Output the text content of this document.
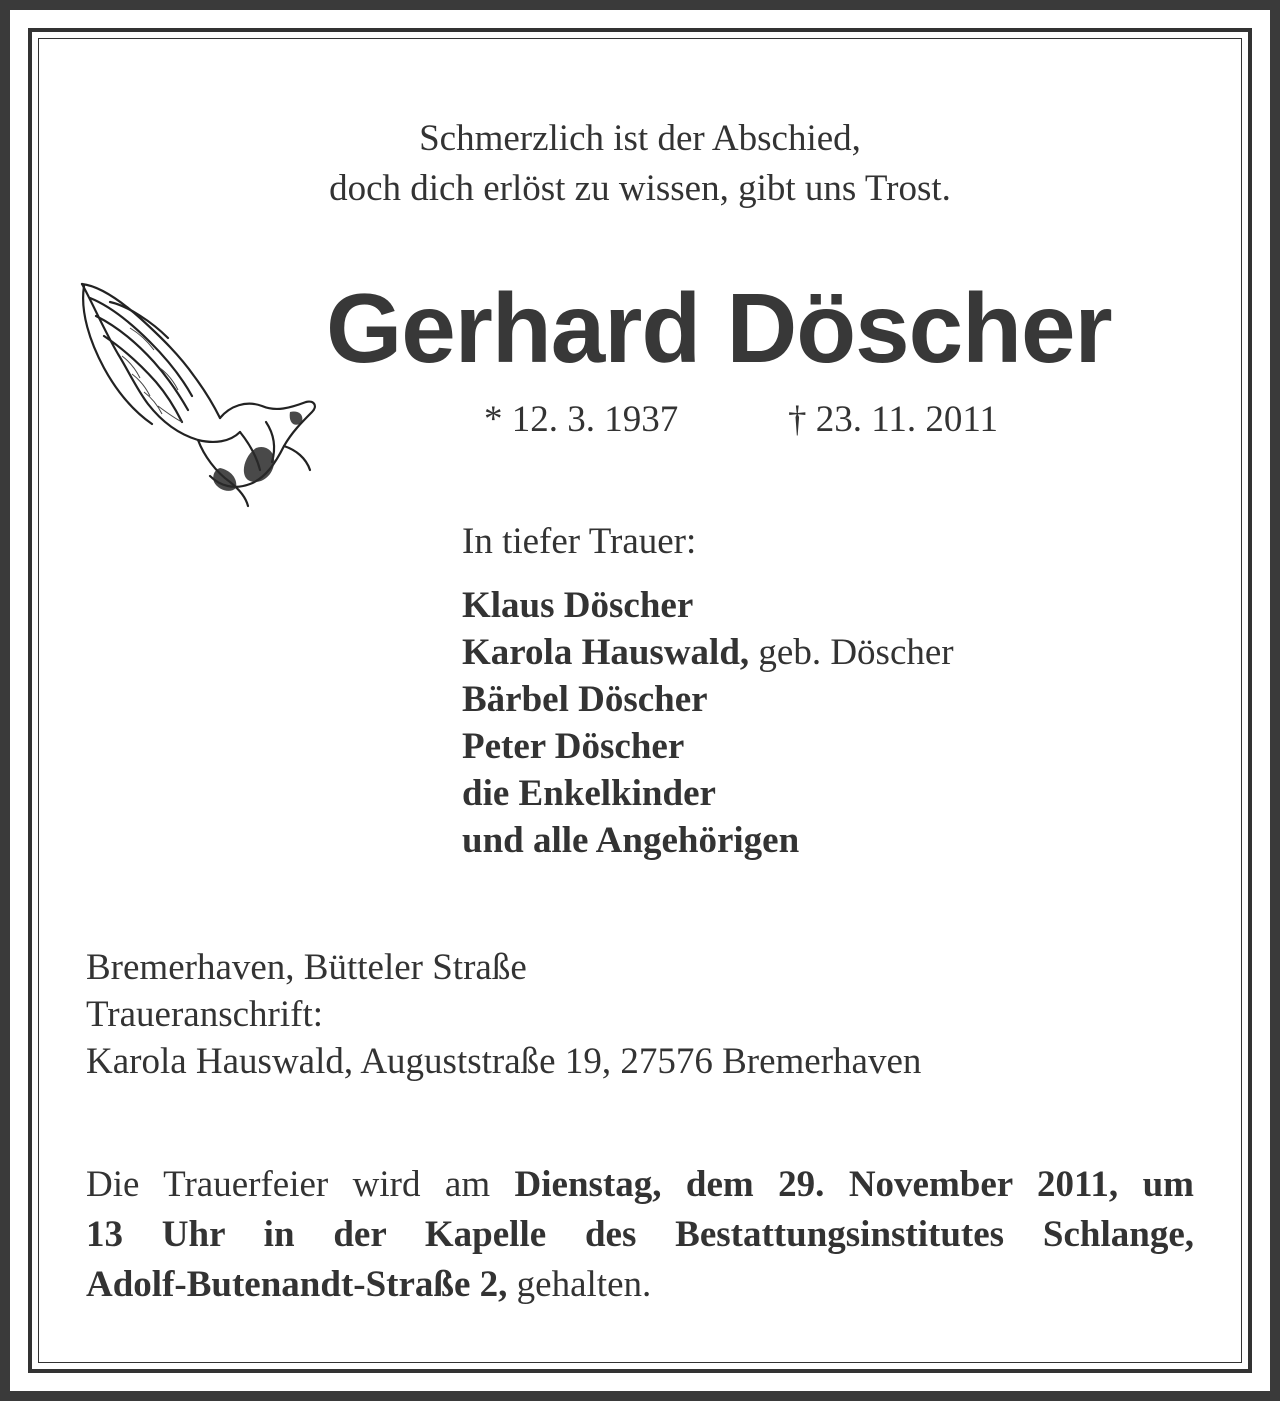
Schmerzlich ist der Abschied,
doch dich erlöst zu wissen, gibt uns Trost.
Gerhard Döscher
* 12. 3. 1937	† 23. 11. 2011
In tiefer Trauer:
Klaus Döscher
Karola Hauswald, geb. Döscher
Bärbel Döscher
Peter Döscher
die Enkelkinder
und alle Angehörigen
Bremerhaven, Bütteler Straße
Traueranschrift:
Karola Hauswald, Auguststraße 19, 27576 Bremerhaven
Die Trauerfeier wird am Dienstag, dem 29. November 2011, um
13 Uhr in der Kapelle des Bestattungsinstitutes Schlange,
Adolf-Butenandt-Straße 2, gehalten.
